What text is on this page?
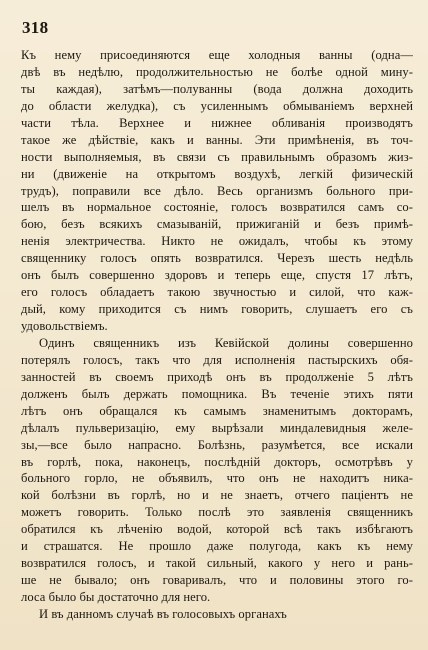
318
Къ нему присоединяются еще холодныя ванны (одна—
двѣ въ недѣлю, продолжительностью не болѣе одной мину-
ты каждая), затѣмъ—полуванны (вода должна доходить
до области желудка), съ усиленнымъ обмываніемъ верхней
части тѣла. Верхнее и нижнее обливанія производятъ
такое же дѣйствіе, какъ и ванны. Эти примѣненія, въ точ-
ности выполняемыя, въ связи съ правильнымъ образомъ жиз-
ни (движеніе на открытомъ воздухѣ, легкій физическій
трудъ), поправили все дѣло. Весь организмъ больного при-
шелъ въ нормальное состояніе, голосъ возвратился самъ со-
бою, безъ всякихъ смазываній, прижиганій и безъ примѣ-
ненія электричества. Никто не ожидалъ, чтобы къ этому
священнику голосъ опять возвратился. Черезъ шесть недѣль
онъ былъ совершенно здоровъ и теперь еще, спустя 17 лѣтъ,
его голосъ обладаетъ такою звучностью и силой, что каж-
дый, кому приходится съ нимъ говорить, слушаетъ его съ
удовольствіемъ.
Одинъ священникъ изъ Кевійской долины совершенно
потерялъ голосъ, такъ что для исполненія пастырскихъ обя-
занностей въ своемъ приходѣ онъ въ продолженіе 5 лѣтъ
долженъ былъ держать помощника. Въ теченіе этихъ пяти
лѣтъ онъ обращался къ самымъ знаменитымъ докторамъ,
дѣлалъ пульверизацію, ему вырѣзали миндалевидныя желе-
зы,—все было напрасно. Болѣзнь, разумѣется, все искали
въ горлѣ, пока, наконецъ, послѣдній докторъ, осмотрѣвъ у
больного горло, не объявилъ, что онъ не находитъ ника-
кой болѣзни въ горлѣ, но и не знаетъ, отчего паціентъ не
можетъ говорить. Только послѣ это заявленія священникъ
обратился къ лѣченію водой, которой всѣ такъ избѣгаютъ
и страшатся. Не прошло даже полугода, какъ къ нему
возвратился голосъ, и такой сильный, какого у него и рань-
ше не бывало; онъ говаривалъ, что и половины этого го-
лоса было бы достаточно для него.
И въ данномъ случаѣ въ голосовыхъ органахъ
